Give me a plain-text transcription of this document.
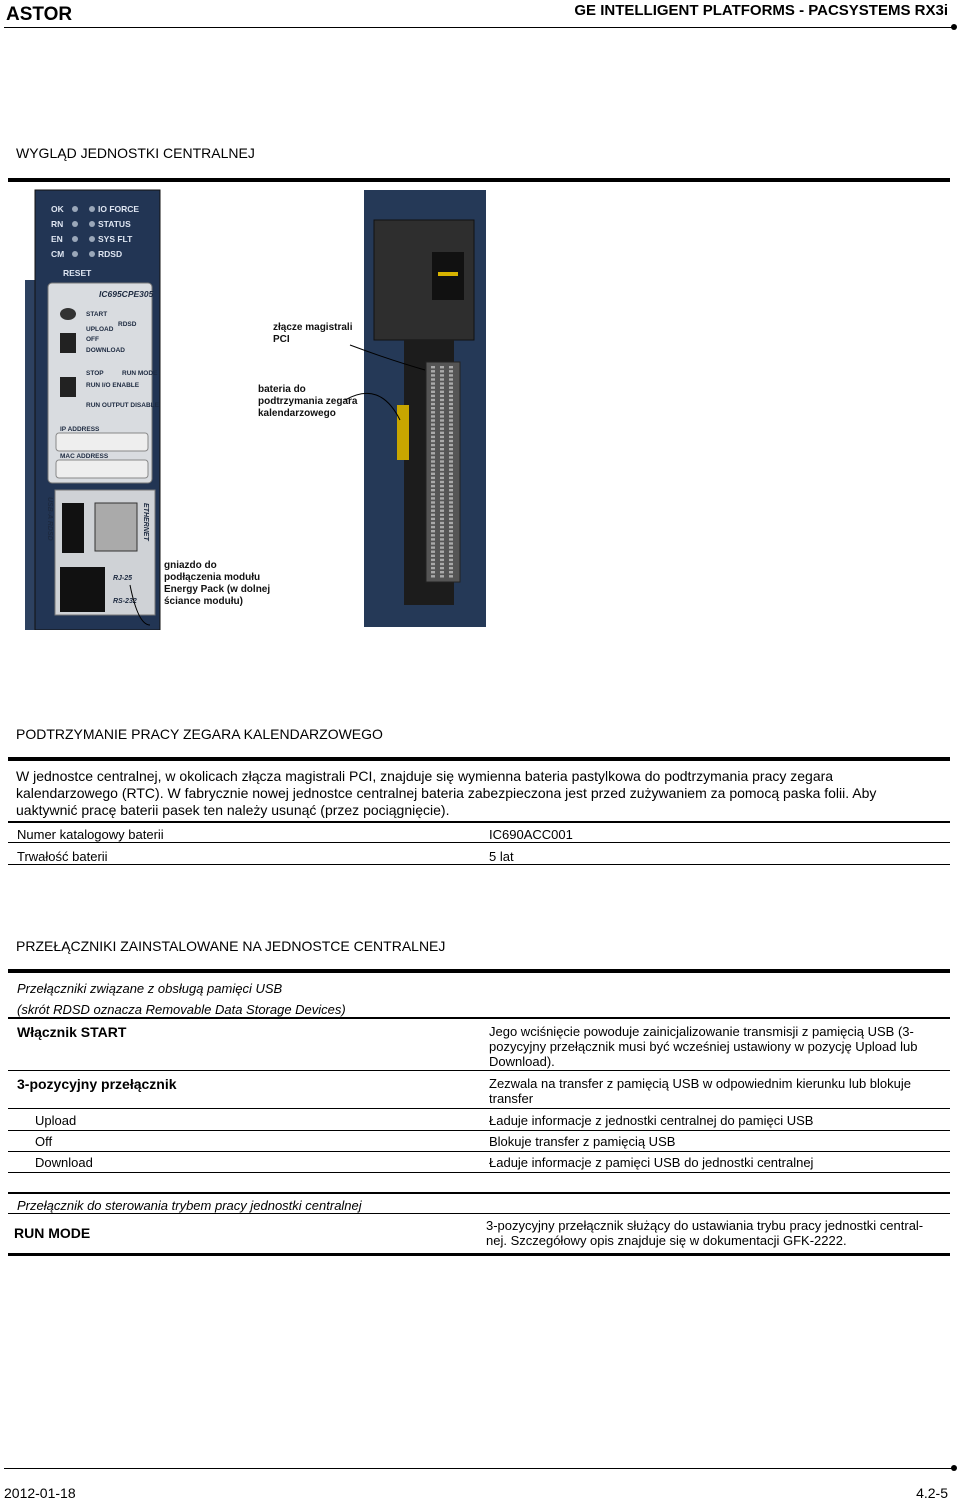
ASTOR	GE INTELLIGENT PLATFORMS - PACSYSTEMS RX3i
WYGLĄD JEDNOSTKI CENTRALNEJ
OK
RN
EN
CM
IO FORCE
STATUS
SYS FLT
RDSD
RESET
IC695CPE305
START
RDSD
UPLOAD
OFF
DOWNLOAD
STOP	RUN MODE
RUN I/O ENABLE
RUN OUTPUT DISABLE
IP ADDRESS
MAC ADDRESS
RJ-25
RS-232
USB-A RDSD	ETHERNET
gniazdo do podłączenia modułu Energy Pack (w dolnej ściance modułu)
złącze magistrali PCI
bateria do podtrzymania zegara kalendarzowego
PODTRZYMANIE PRACY ZEGARA KALENDARZOWEGO
W jednostce centralnej, w okolicach złącza magistrali PCI, znajduje się wymienna bateria pastylkowa do podtrzymania pracy zegara kalendarzowego (RTC). W fabrycznie nowej jednostce centralnej bateria zabezpieczona jest przed zużywaniem za pomocą paska folii. Aby uaktywnić pracę baterii pasek ten należy usunąć (przez pociągnięcie).
Numer katalogowy baterii	IC690ACC001
Trwałość baterii	5 lat
PRZEŁĄCZNIKI ZAINSTALOWANE NA JEDNOSTCE CENTRALNEJ
Przełączniki związane z obsługą pamięci USB
(skrót RDSD oznacza Removable Data Storage Devices)
Włącznik START	Jego wciśnięcie powoduje zainicjalizowanie transmisji z pamięcią USB (3-pozycyjny przełącznik musi być wcześniej ustawiony w pozycję Upload lub Download).
3-pozycyjny przełącznik	Zezwala na transfer z pamięcią USB w odpowiednim kierunku lub blokuje transfer
Upload	Ładuje informacje z jednostki centralnej do pamięci USB
Off	Blokuje transfer z pamięcią USB
Download	Ładuje informacje z pamięci USB do jednostki centralnej
Przełącznik do sterowania trybem pracy jednostki centralnej
RUN MODE	3-pozycyjny przełącznik służący do ustawiania trybu pracy jednostki central-nej. Szczegółowy opis znajduje się w dokumentacji GFK-2222.
2012-01-18	4.2-5
